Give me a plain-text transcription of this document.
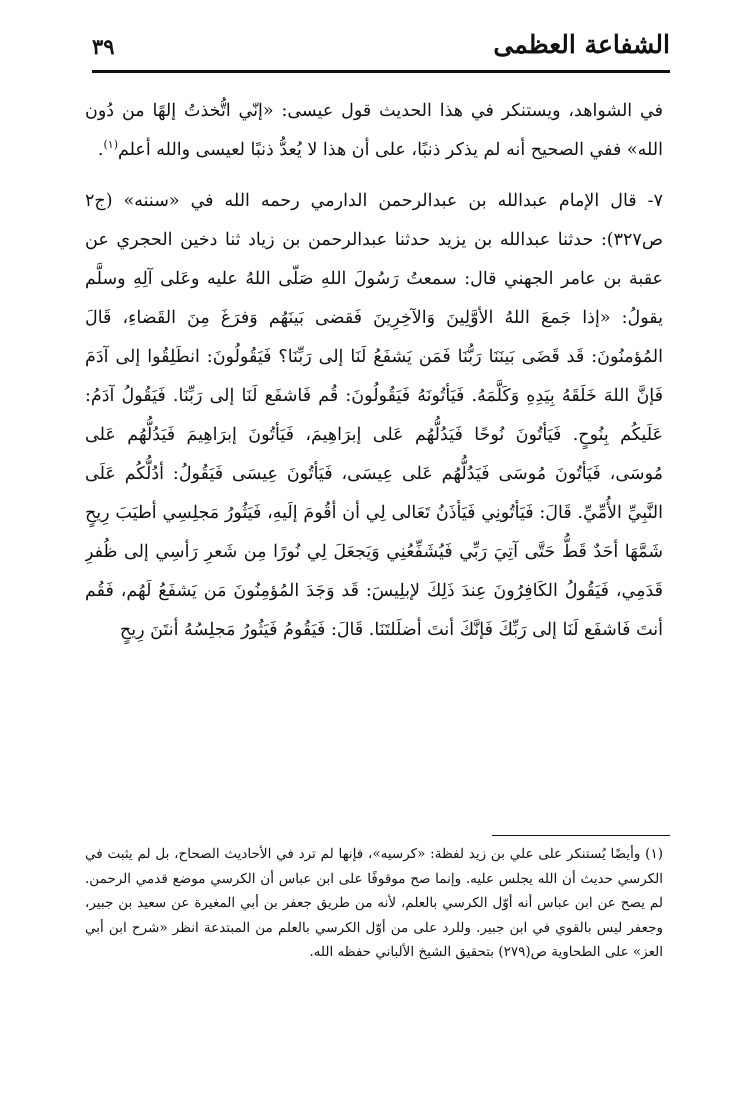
الشفاعة العظمى
٣٩

في الشواهد، ويستنكر في هذا الحديث قول عيسى: «إنّي اتُّخذتُ إلهًا من دُون الله» ففي الصحيح أنه لم يذكر ذنبًا، على أن هذا لا يُعدُّ ذنبًا لعيسى والله أعلم$^{(١)}$.

٧- قال الإمام عبدالله بن عبدالرحمن الدارمي رحمه الله في «سننه» (ج٢ ص٣٢٧): حدثنا عبدالله بن يزيد حدثنا عبدالرحمن بن زياد ثنا دخين الحجري عن عقبة بن عامر الجهني قال: سمعتُ رَسُولَ اللهِ صَلّى اللهُ عليه وعَلى آلِهِ وسلَّم يقولُ: «إذا جَمعَ اللهُ الأوَّلِينَ وَالآخِرِينَ فَقضى بَينَهُم وَفرَغَ مِنَ القَضاءِ، قَالَ المُؤمنُونَ: قَد قَضَى بَينَنَا رَبُّنَا فَمَن يَشفَعُ لَنَا إلى رَبِّنَا؟ فَيَقُولُونَ: انطَلِقُوا إلى آدَمَ فَإنَّ اللهَ خَلَقَهُ بِيَدِهِ وَكَلَّمَهُ. فَيَأتُونَهُ فَيَقُولُونَ: قُم فَاشفَع لَنَا إلى رَبِّنَا. فَيَقُولُ آدَمُ: عَلَيكُم بِنُوحٍ. فَيَأتُونَ نُوحًا فَيَدُلُّهُم عَلى إبرَاهِيمَ، فَيَأتُونَ إبرَاهِيمَ فَيَدُلُّهُم عَلى مُوسَى، فَيَأتُونَ مُوسَى فَيَدُلُّهُم عَلى عِيسَى، فَيَأتُونَ عِيسَى فَيَقُولُ: أدُلُّكُم عَلَى النَّبِيِّ الأُمِّيِّ. قَالَ: فَيَأتُونِي فَيَأذَنُ تَعَالى لِي أن أقُومَ إلَيهِ، فَيَثُورُ مَجلِسِي أطيَبَ رِيحٍ شَمَّهَا أحَدٌ قَطُّ حَتَّى آتِيَ رَبِّي فَيُشَفِّعُنِي وَيَجعَلَ لِي نُورًا مِن شَعرِ رَأسِي إلى ظُفرِ قَدَمِي، فَيَقُولُ الكَافِرُونَ عِندَ ذَلِكَ لإبلِيسَ: قَد وَجَدَ المُؤمِنُونَ مَن يَشفَعُ لَهُم، فَقُم أنتَ فَاشفَع لَنَا إلى رَبِّكَ فَإنَّكَ أنتَ أضلَلتَنَا. قَالَ: فَيَقُومُ فَيَثُورُ مَجلِسُهُ أنتَنَ رِيحٍ

(١) وأيضًا يُستنكر على علي بن زيد لفظة: «كرسيه»، فإنها لم ترد في الأحاديث الصحاح، بل لم يثبت في الكرسي حديث أن الله يجلس عليه. وإنما صح موقوفًا على ابن عباس أن الكرسي موضع قدمي الرحمن. لم يصح عن ابن عباس أنه أوّل الكرسي بالعلم، لأنه من طريق جعفر بن أبي المغيرة عن سعيد بن جبير، وجعفر ليس بالقوي في ابن جبير. وللرد على من أوّل الكرسي بالعلم من المبتدعة انظر «شرح ابن أبي العز» على الطحاوية ص(٢٧٩) بتحقيق الشيخ الألباني حفظه الله.
